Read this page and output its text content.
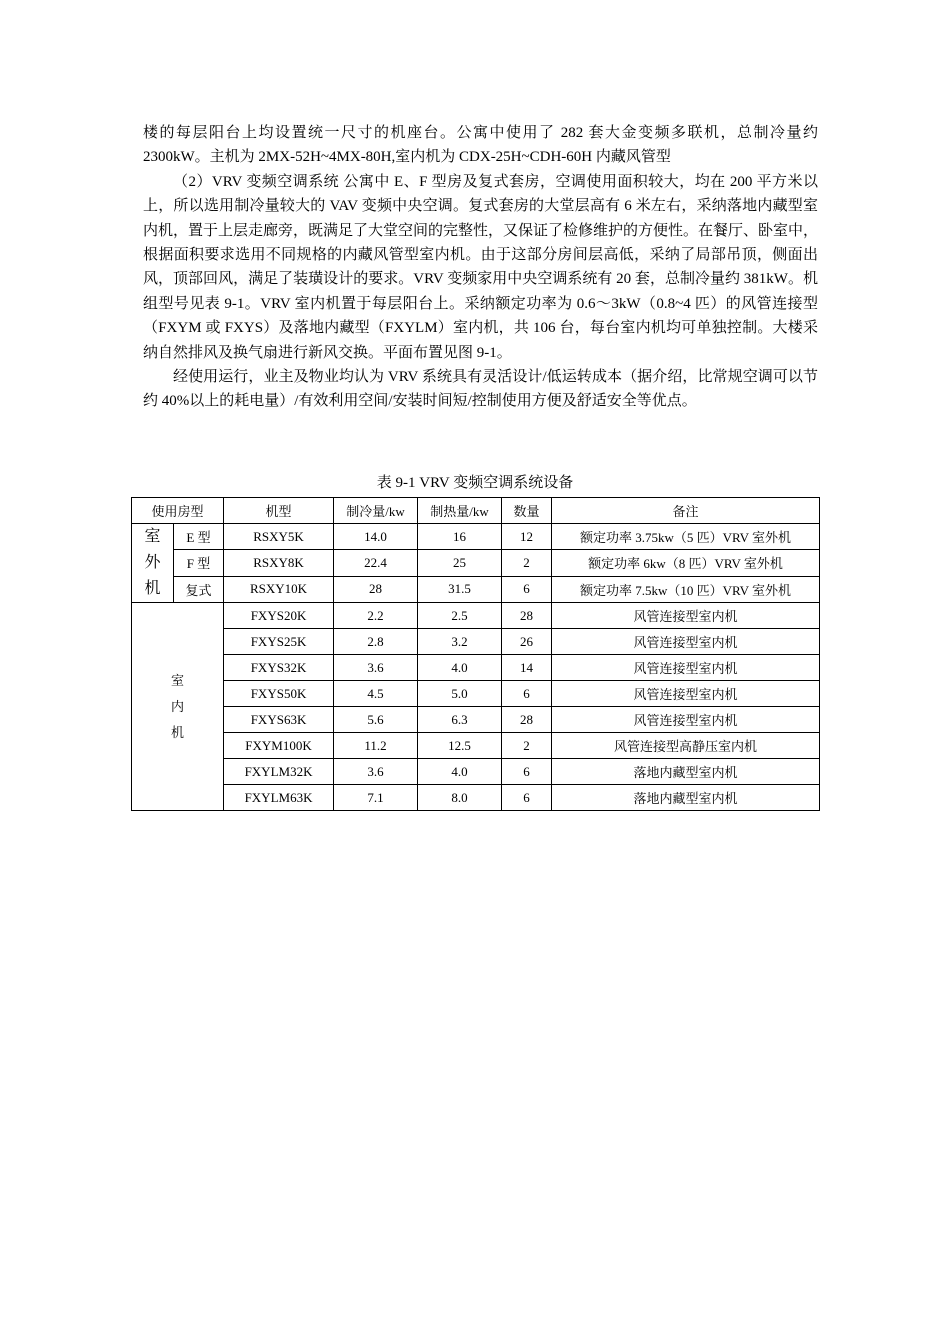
楼的每层阳台上均设置统一尺寸的机座台。公寓中使用了 282 套大金变频多联机，总制冷量约 2300kW。主机为 2MX-52H~4MX-80H,室内机为 CDX-25H~CDH-60H 内藏风管型

（2）VRV 变频空调系统 公寓中 E、F 型房及复式套房，空调使用面积较大，均在 200 平方米以上，所以选用制冷量较大的 VAV 变频中央空调。复式套房的大堂层高有 6 米左右，采纳落地内藏型室内机，置于上层走廊旁，既满足了大堂空间的完整性，又保证了检修维护的方便性。在餐厅、卧室中，根据面积要求选用不同规格的内藏风管型室内机。由于这部分房间层高低，采纳了局部吊顶，侧面出风，顶部回风，满足了装璜设计的要求。VRV 变频家用中央空调系统有 20 套，总制冷量约 381kW。机组型号见表 9-1。VRV 室内机置于每层阳台上。采纳额定功率为 0.6～3kW（0.8~4 匹）的风管连接型（FXYM 或 FXYS）及落地内藏型（FXYLM）室内机，共 106 台，每台室内机均可单独控制。大楼采纳自然排风及换气扇进行新风交换。平面布置见图 9-1。

经使用运行，业主及物业均认为 VRV 系统具有灵活设计/低运转成本（据介绍，比常规空调可以节约 40%以上的耗电量）/有效利用空间/安装时间短/控制使用方便及舒适安全等优点。

表 9-1 VRV 变频空调系统设备
使用房型		机型	制冷量/kw	制热量/kw	数量	备注

室
外
机	E 型	RSXY5K	14.0	16	12	额定功率 3.75kw（5 匹）VRV 室外机
	F 型	RSXY8K	22.4	25	2	额定功率 6kw（8 匹）VRV 室外机
	复式	RSXY10K	28	31.5	6	额定功率 7.5kw（10 匹）VRV 室外机

室
内
机		FXYS20K	2.2	2.5	28	风管连接型室内机
		FXYS25K	2.8	3.2	26	风管连接型室内机
		FXYS32K	3.6	4.0	14	风管连接型室内机
		FXYS50K	4.5	5.0	6	风管连接型室内机
		FXYS63K	5.6	6.3	28	风管连接型室内机
		FXYM100K	11.2	12.5	2	风管连接型高静压室内机
		FXYLM32K	3.6	4.0	6	落地内藏型室内机
		FXYLM63K	7.1	8.0	6	落地内藏型室内机
